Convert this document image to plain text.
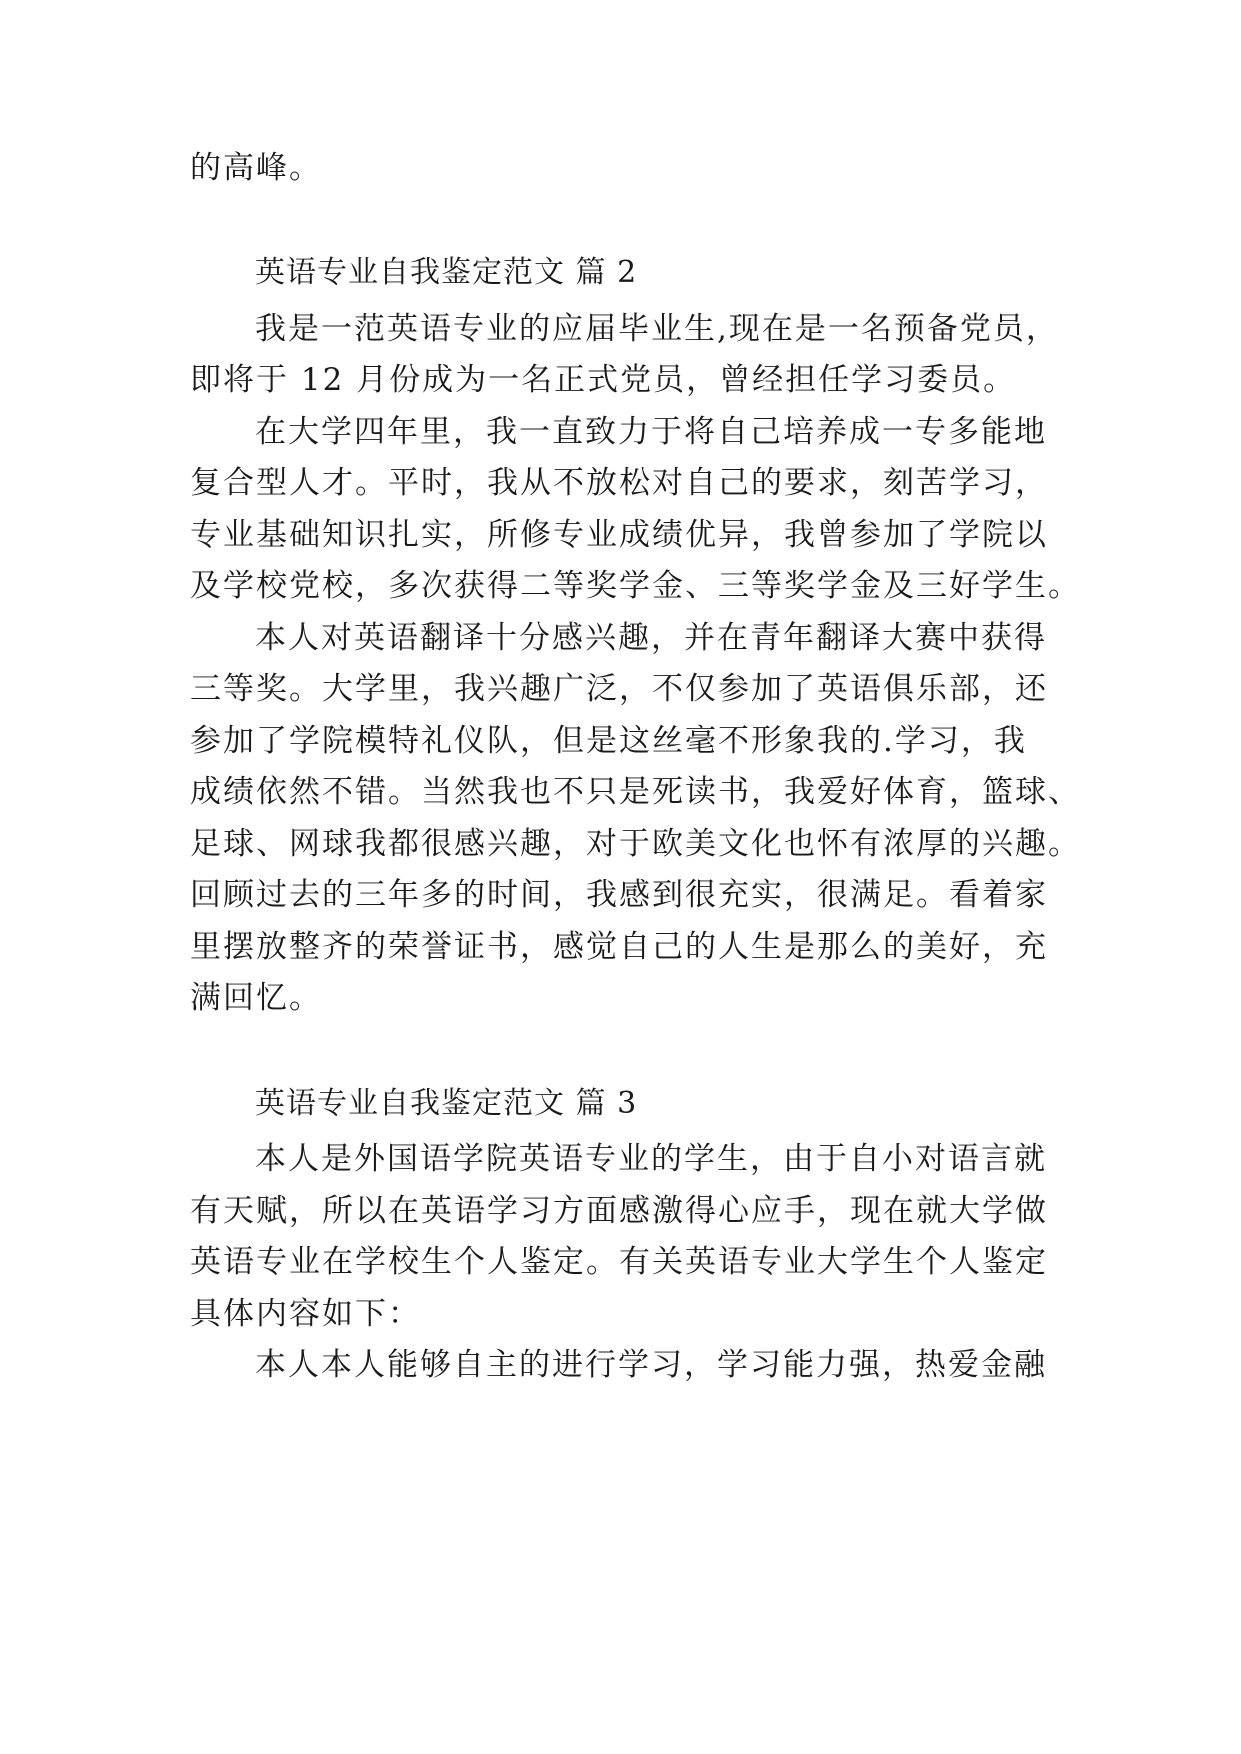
的高峰。
英语专业自我鉴定范文 篇 2
我是一范英语专业的应届毕业生,现在是一名预备党员，
即将于 12 月份成为一名正式党员，曾经担任学习委员。
在大学四年里，我一直致力于将自己培养成一专多能地
复合型人才。平时，我从不放松对自己的要求，刻苦学习，
专业基础知识扎实，所修专业成绩优异，我曾参加了学院以
及学校党校，多次获得二等奖学金、三等奖学金及三好学生。
本人对英语翻译十分感兴趣，并在青年翻译大赛中获得
三等奖。大学里，我兴趣广泛，不仅参加了英语俱乐部，还
参加了学院模特礼仪队，但是这丝毫不形象我的.学习，我
成绩依然不错。当然我也不只是死读书，我爱好体育，篮球、
足球、网球我都很感兴趣，对于欧美文化也怀有浓厚的兴趣。
回顾过去的三年多的时间，我感到很充实，很满足。看着家
里摆放整齐的荣誉证书，感觉自己的人生是那么的美好，充
满回忆。
英语专业自我鉴定范文 篇 3
本人是外国语学院英语专业的学生，由于自小对语言就
有天赋，所以在英语学习方面感激得心应手，现在就大学做
英语专业在学校生个人鉴定。有关英语专业大学生个人鉴定
具体内容如下：
本人本人能够自主的进行学习，学习能力强，热爱金融
